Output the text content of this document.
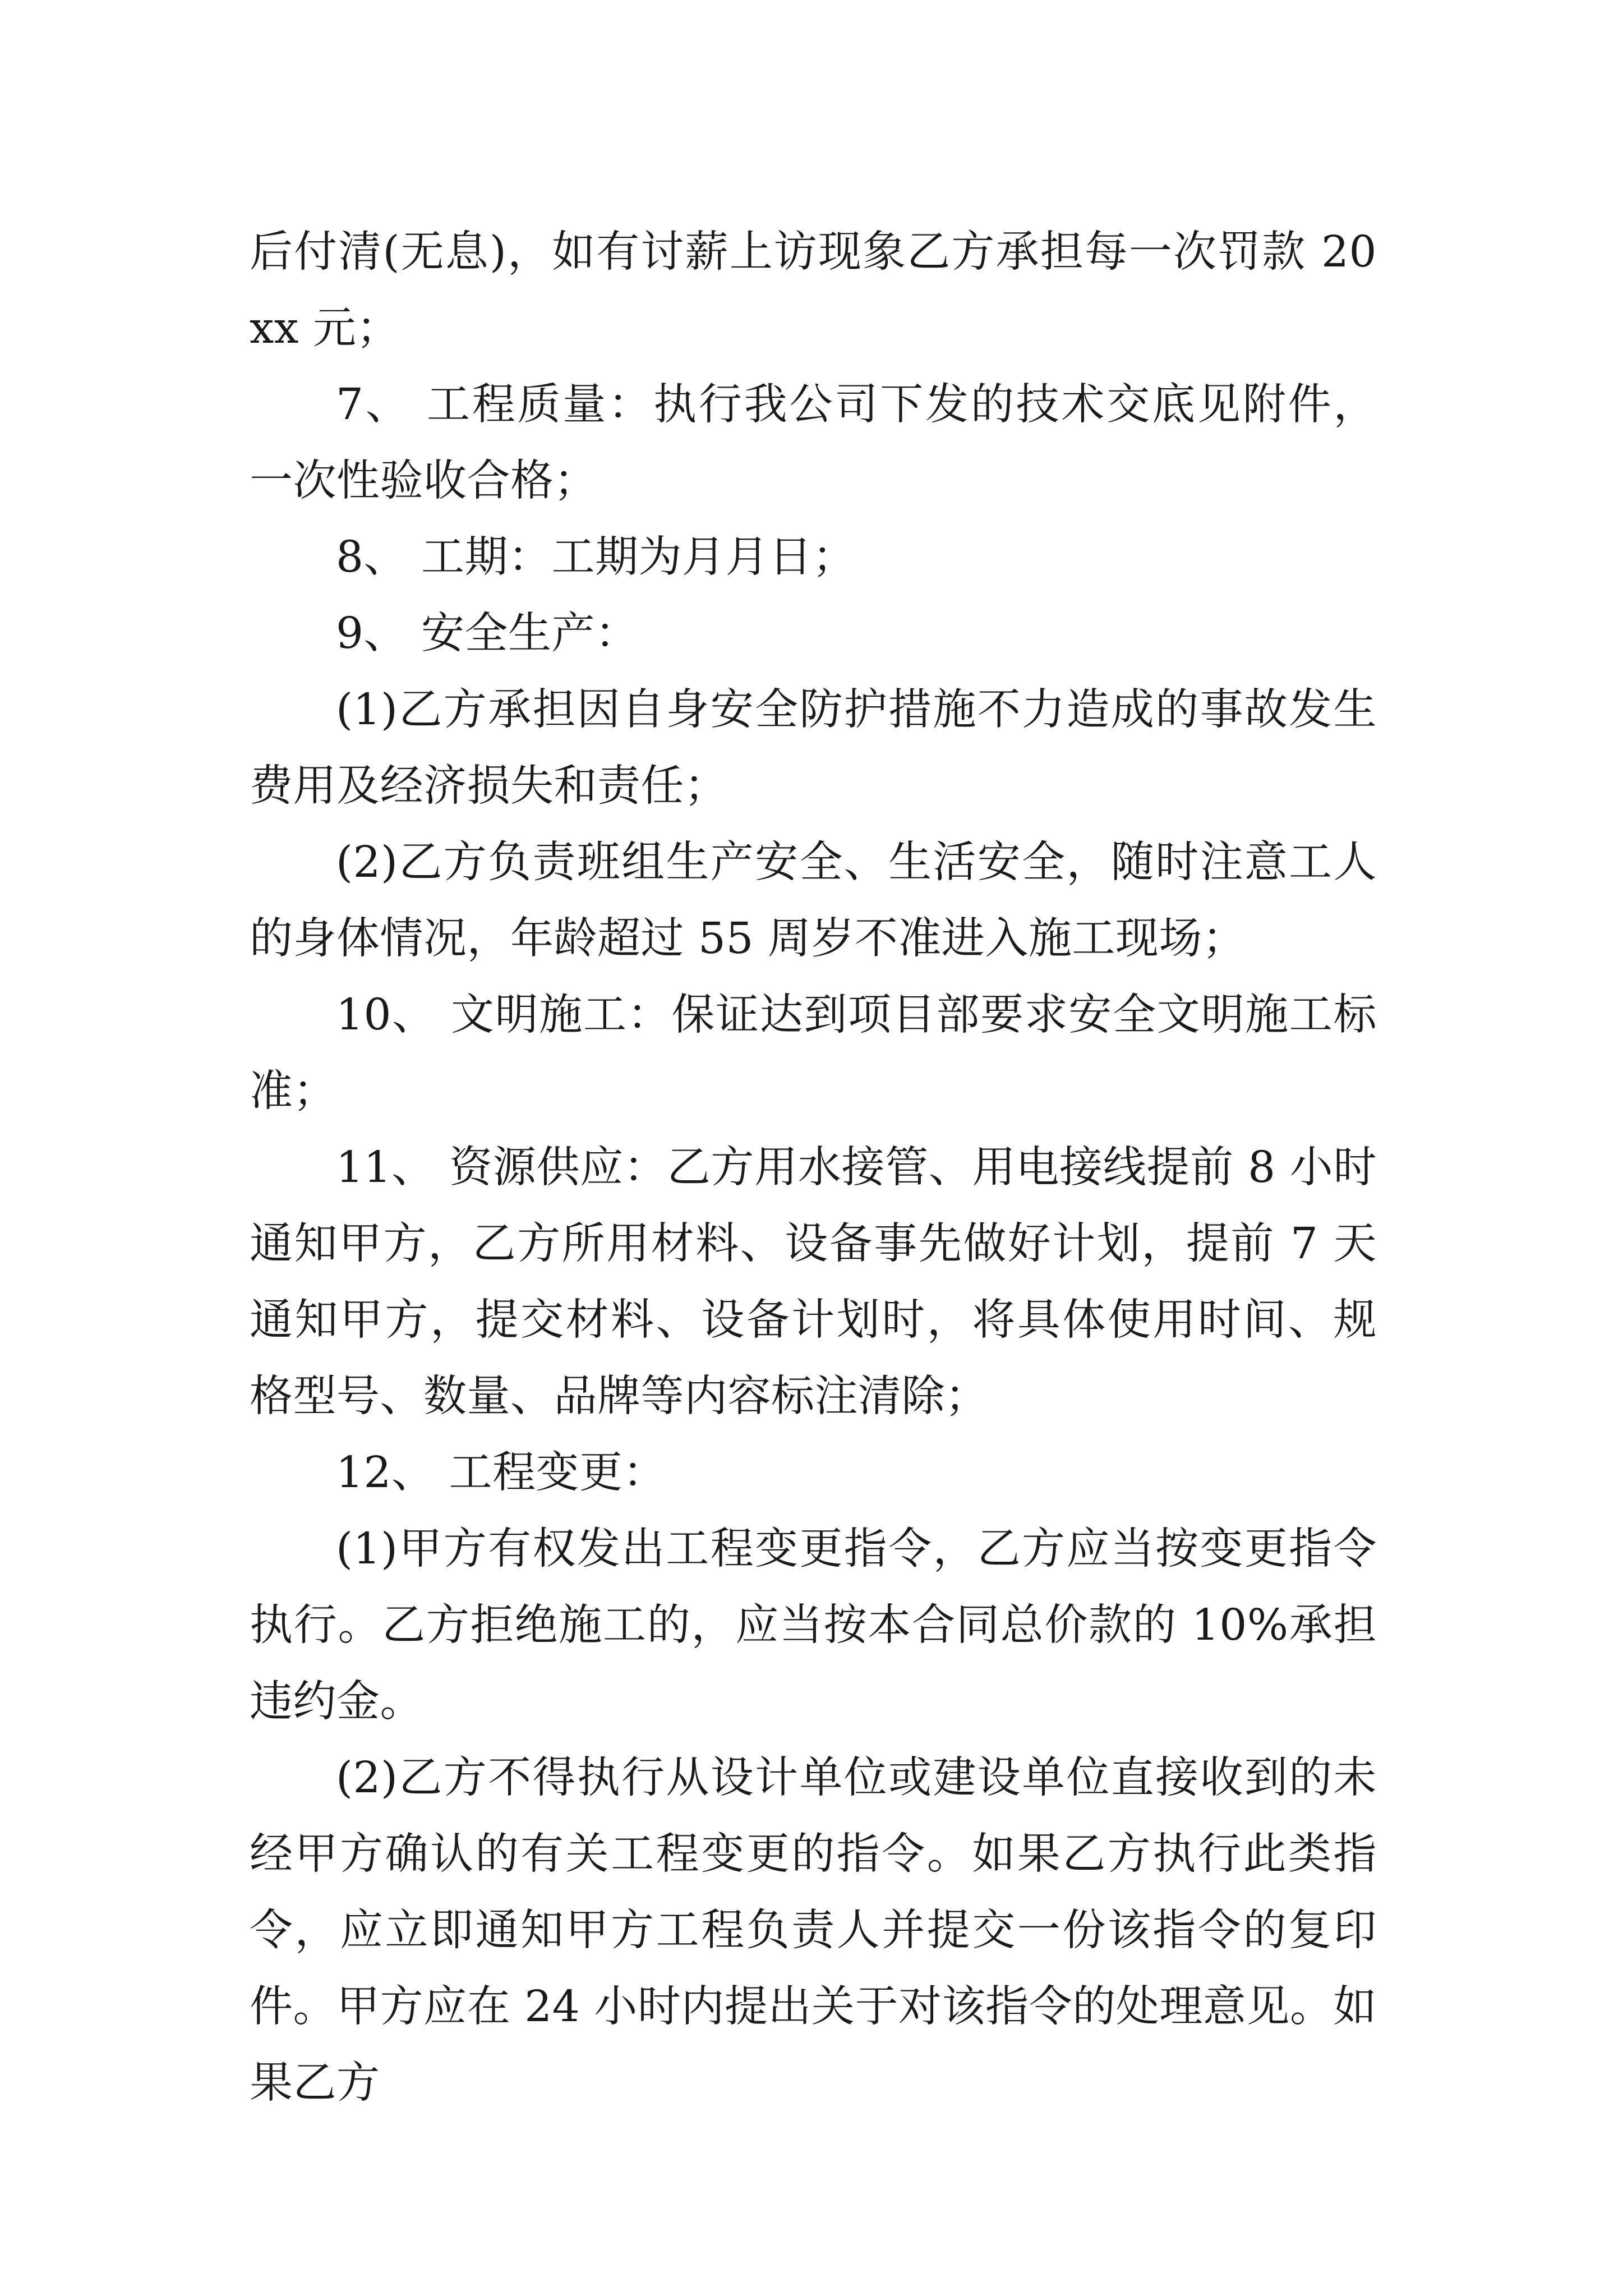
后付清(无息)，如有讨薪上访现象乙方承担每一次罚款 20xx 元；

7、 工程质量：执行我公司下发的技术交底见附件，一次性验收合格；

8、 工期：工期为月月日；

9、 安全生产：

(1)乙方承担因自身安全防护措施不力造成的事故发生费用及经济损失和责任；

(2)乙方负责班组生产安全、生活安全，随时注意工人的身体情况，年龄超过 55 周岁不准进入施工现场；

10、 文明施工：保证达到项目部要求安全文明施工标准；

11、 资源供应：乙方用水接管、用电接线提前 8 小时通知甲方，乙方所用材料、设备事先做好计划，提前 7 天通知甲方，提交材料、设备计划时，将具体使用时间、规格型号、数量、品牌等内容标注清除；

12、 工程变更：

(1)甲方有权发出工程变更指令，乙方应当按变更指令执行。乙方拒绝施工的，应当按本合同总价款的 10%承担违约金。

(2)乙方不得执行从设计单位或建设单位直接收到的未经甲方确认的有关工程变更的指令。如果乙方执行此类指令，应立即通知甲方工程负责人并提交一份该指令的复印件。甲方应在 24 小时内提出关于对该指令的处理意见。如果乙方
